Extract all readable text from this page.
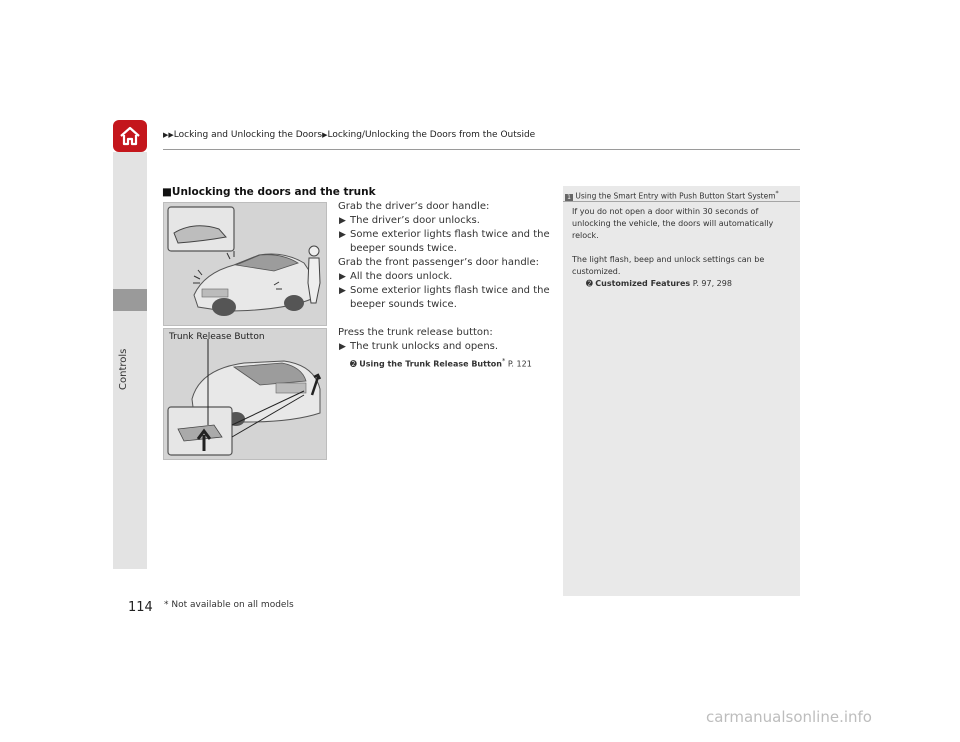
Controls
▶▶Locking and Unlocking the Doors▶Locking/Unlocking the Doors from the Outside
■Unlocking the doors and the trunk
Trunk Release Button

Grab the driver’s door handle:

▶ The driver’s door unlocks.

▶ Some exterior lights flash twice and the

beeper sounds twice.

Grab the front passenger’s door handle:

▶ All the doors unlock.

▶ Some exterior lights flash twice and the

beeper sounds twice.

Press the trunk release button:

▶ The trunk unlocks and opens.

➋ Using the Trunk Release Button* P. 121

1 Using the Smart Entry with Push Button Start System*

If you do not open a door within 30 seconds of

unlocking the vehicle, the doors will automatically

relock.

The light flash, beep and unlock settings can be

customized.

➋ Customized Features P. 97, 298

114 * Not available on all models
carmanualsonline.info
